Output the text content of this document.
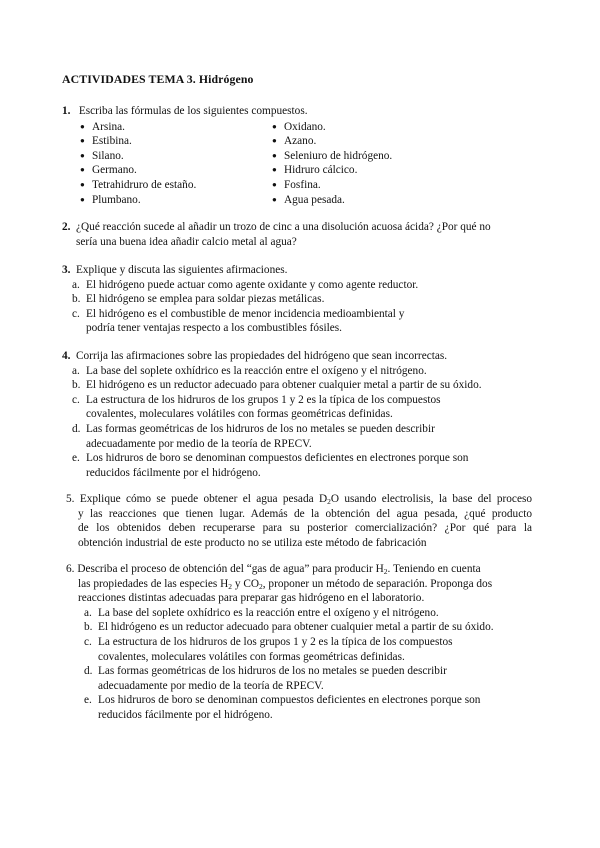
ACTIVIDADES TEMA 3. Hidrógeno
1. Escriba las fórmulas de los siguientes compuestos.
● Arsina.
● Estibina.
● Silano.
● Germano.
● Tetrahidruro de estaño.
● Plumbano.
● Oxidano.
● Azano.
● Seleniuro de hidrógeno.
● Hidruro cálcico.
● Fosfina.
● Agua pesada.
2. ¿Qué reacción sucede al añadir un trozo de cinc a una disolución acuosa ácida? ¿Por qué no
sería una buena idea añadir calcio metal al agua?
3. Explique y discuta las siguientes afirmaciones.
a. El hidrógeno puede actuar como agente oxidante y como agente reductor.
b. El hidrógeno se emplea para soldar piezas metálicas.
c. El hidrógeno es el combustible de menor incidencia medioambiental y
podría tener ventajas respecto a los combustibles fósiles.
4. Corrija las afirmaciones sobre las propiedades del hidrógeno que sean incorrectas.
a. La base del soplete oxhídrico es la reacción entre el oxígeno y el nitrógeno.
b. El hidrógeno es un reductor adecuado para obtener cualquier metal a partir de su óxido.
c. La estructura de los hidruros de los grupos 1 y 2 es la típica de los compuestos
covalentes, moleculares volátiles con formas geométricas definidas.
d. Las formas geométricas de los hidruros de los no metales se pueden describir
adecuadamente por medio de la teoría de RPECV.
e. Los hidruros de boro se denominan compuestos deficientes en electrones porque son
reducidos fácilmente por el hidrógeno.
5. Explique cómo se puede obtener el agua pesada $D_2O$ usando electrolisis, la base del proceso
y las reacciones que tienen lugar. Además de la obtención del agua pesada, ¿qué producto
de los obtenidos deben recuperarse para su posterior comercialización? ¿Por qué para la
obtención industrial de este producto no se utiliza este método de fabricación
6. Describa el proceso de obtención del “gas de agua” para producir $H_2$. Teniendo en cuenta
las propiedades de las especies $H_2$ y $CO_2$, proponer un método de separación. Proponga dos
reacciones distintas adecuadas para preparar gas hidrógeno en el laboratorio.
a. La base del soplete oxhídrico es la reacción entre el oxígeno y el nitrógeno.
b. El hidrógeno es un reductor adecuado para obtener cualquier metal a partir de su óxido.
c. La estructura de los hidruros de los grupos 1 y 2 es la típica de los compuestos
covalentes, moleculares volátiles con formas geométricas definidas.
d. Las formas geométricas de los hidruros de los no metales se pueden describir
adecuadamente por medio de la teoría de RPECV.
e. Los hidruros de boro se denominan compuestos deficientes en electrones porque son
reducidos fácilmente por el hidrógeno.
